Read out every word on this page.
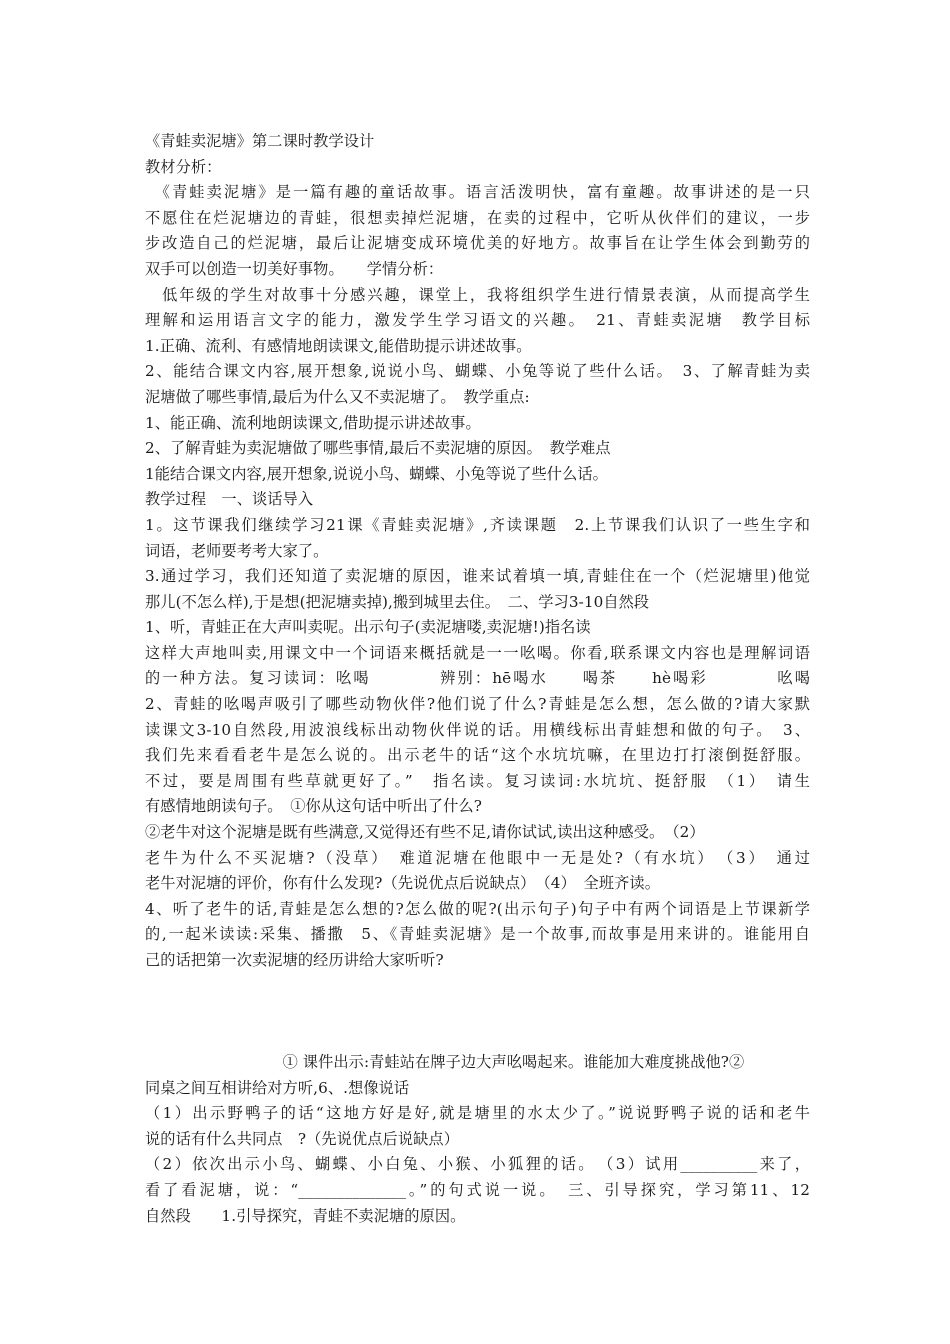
《青蛙卖泥塘》第二课时教学设计
教材分析：
　《青蛙卖泥塘》是一篇有趣的童话故事。语言活泼明快，富有童趣。故事讲述的是一只
不愿住在烂泥塘边的青蛙，很想卖掉烂泥塘，在卖的过程中，它听从伙伴们的建议，一步
步改造自己的烂泥塘，最后让泥塘变成环境优美的好地方。故事旨在让学生体会到勤劳的
双手可以创造一切美好事物。　　学情分析：
　低年级的学生对故事十分感兴趣，课堂上，我将组织学生进行情景表演，从而提高学生
理解和运用语言文字的能力，激发学生学习语文的兴趣。　21、青蛙卖泥塘　教学目标
1.正确、流利、有感情地朗读课文,能借助提示讲述故事。
2、能结合课文内容,展开想象,说说小鸟、蝴蝶、小兔等说了些什么话。　3、了解青蛙为卖
泥塘做了哪些事情,最后为什么又不卖泥塘了。　教学重点:
1、能正确、流利地朗读课文,借助提示讲述故事。
2、了解青蛙为卖泥塘做了哪些事情,最后不卖泥塘的原因。　教学难点
1能结合课文内容,展开想象,说说小鸟、蝴蝶、小兔等说了些什么话。
教学过程　一、谈话导入
1。这节课我们继续学习21课《青蛙卖泥塘》,齐读课题　2.上节课我们认识了一些生字和
词语，老师要考考大家了。
3.通过学习，我们还知道了卖泥塘的原因，谁来试着填一填,青蛙住在一个（烂泥塘里)他觉
那儿(不怎么样),于是想(把泥塘卖掉),搬到城里去住。　二、学习3-10自然段
1、听，青蛙正在大声叫卖呢。出示句子(卖泥塘喽,卖泥塘!)指名读
这样大声地叫卖,用课文中一个词语来概括就是一一吆喝。你看,联系课文内容也是理解词语
的一种方法。复习读词：吆喝　　　　辨别：hē喝水　　喝茶　　hè喝彩　　　　吆喝
2、青蛙的吆喝声吸引了哪些动物伙伴?他们说了什么?青蛙是怎么想，怎么做的?请大家默
读课文3-10自然段,用波浪线标出动物伙伴说的话。用横线标出青蛙想和做的句子。　3、
我们先来看看老牛是怎么说的。出示老牛的话“这个水坑坑嘛，在里边打打滚倒挺舒服。
不过，要是周围有些草就更好了。”　指名读。复习读词:水坑坑、挺舒服　（1）　请生
有感情地朗读句子。　①你从这句话中听出了什么?
②老牛对这个泥塘是既有些满意,又觉得还有些不足,请你试试,读出这种感受。　（2）
老牛为什么不买泥塘?（没草）　难道泥塘在他眼中一无是处?（有水坑）　（3）　通过
老牛对泥塘的评价，你有什么发现?（先说优点后说缺点）　（4）　全班齐读。
4、听了老牛的话,青蛙是怎么想的?怎么做的呢?(出示句子)句子中有两个词语是上节课新学
的,一起米读读:采集、播撒　5、《青蛙卖泥塘》是一个故事,而故事是用来讲的。谁能用自
己的话把第一次卖泥塘的经历讲给大家听听?
　　　　　　　　　① 课件出示:青蛙站在牌子边大声吆喝起来。谁能加大难度挑战他?②
同桌之间互相讲给对方听,6、.想像说话
（1）出示野鸭子的话“这地方好是好,就是塘里的水太少了。”说说野鸭子说的话和老牛
说的话有什么共同点　?（先说优点后说缺点）
（2）依次出示小鸟、蝴蝶、小白兔、小猴、小狐狸的话。　（3）试用__________来了，
看了看泥塘，说：“______________。”的句式说一说。　三、引导探究，学习第11、12
自然段　　1.引导探究，青蛙不卖泥塘的原因。
